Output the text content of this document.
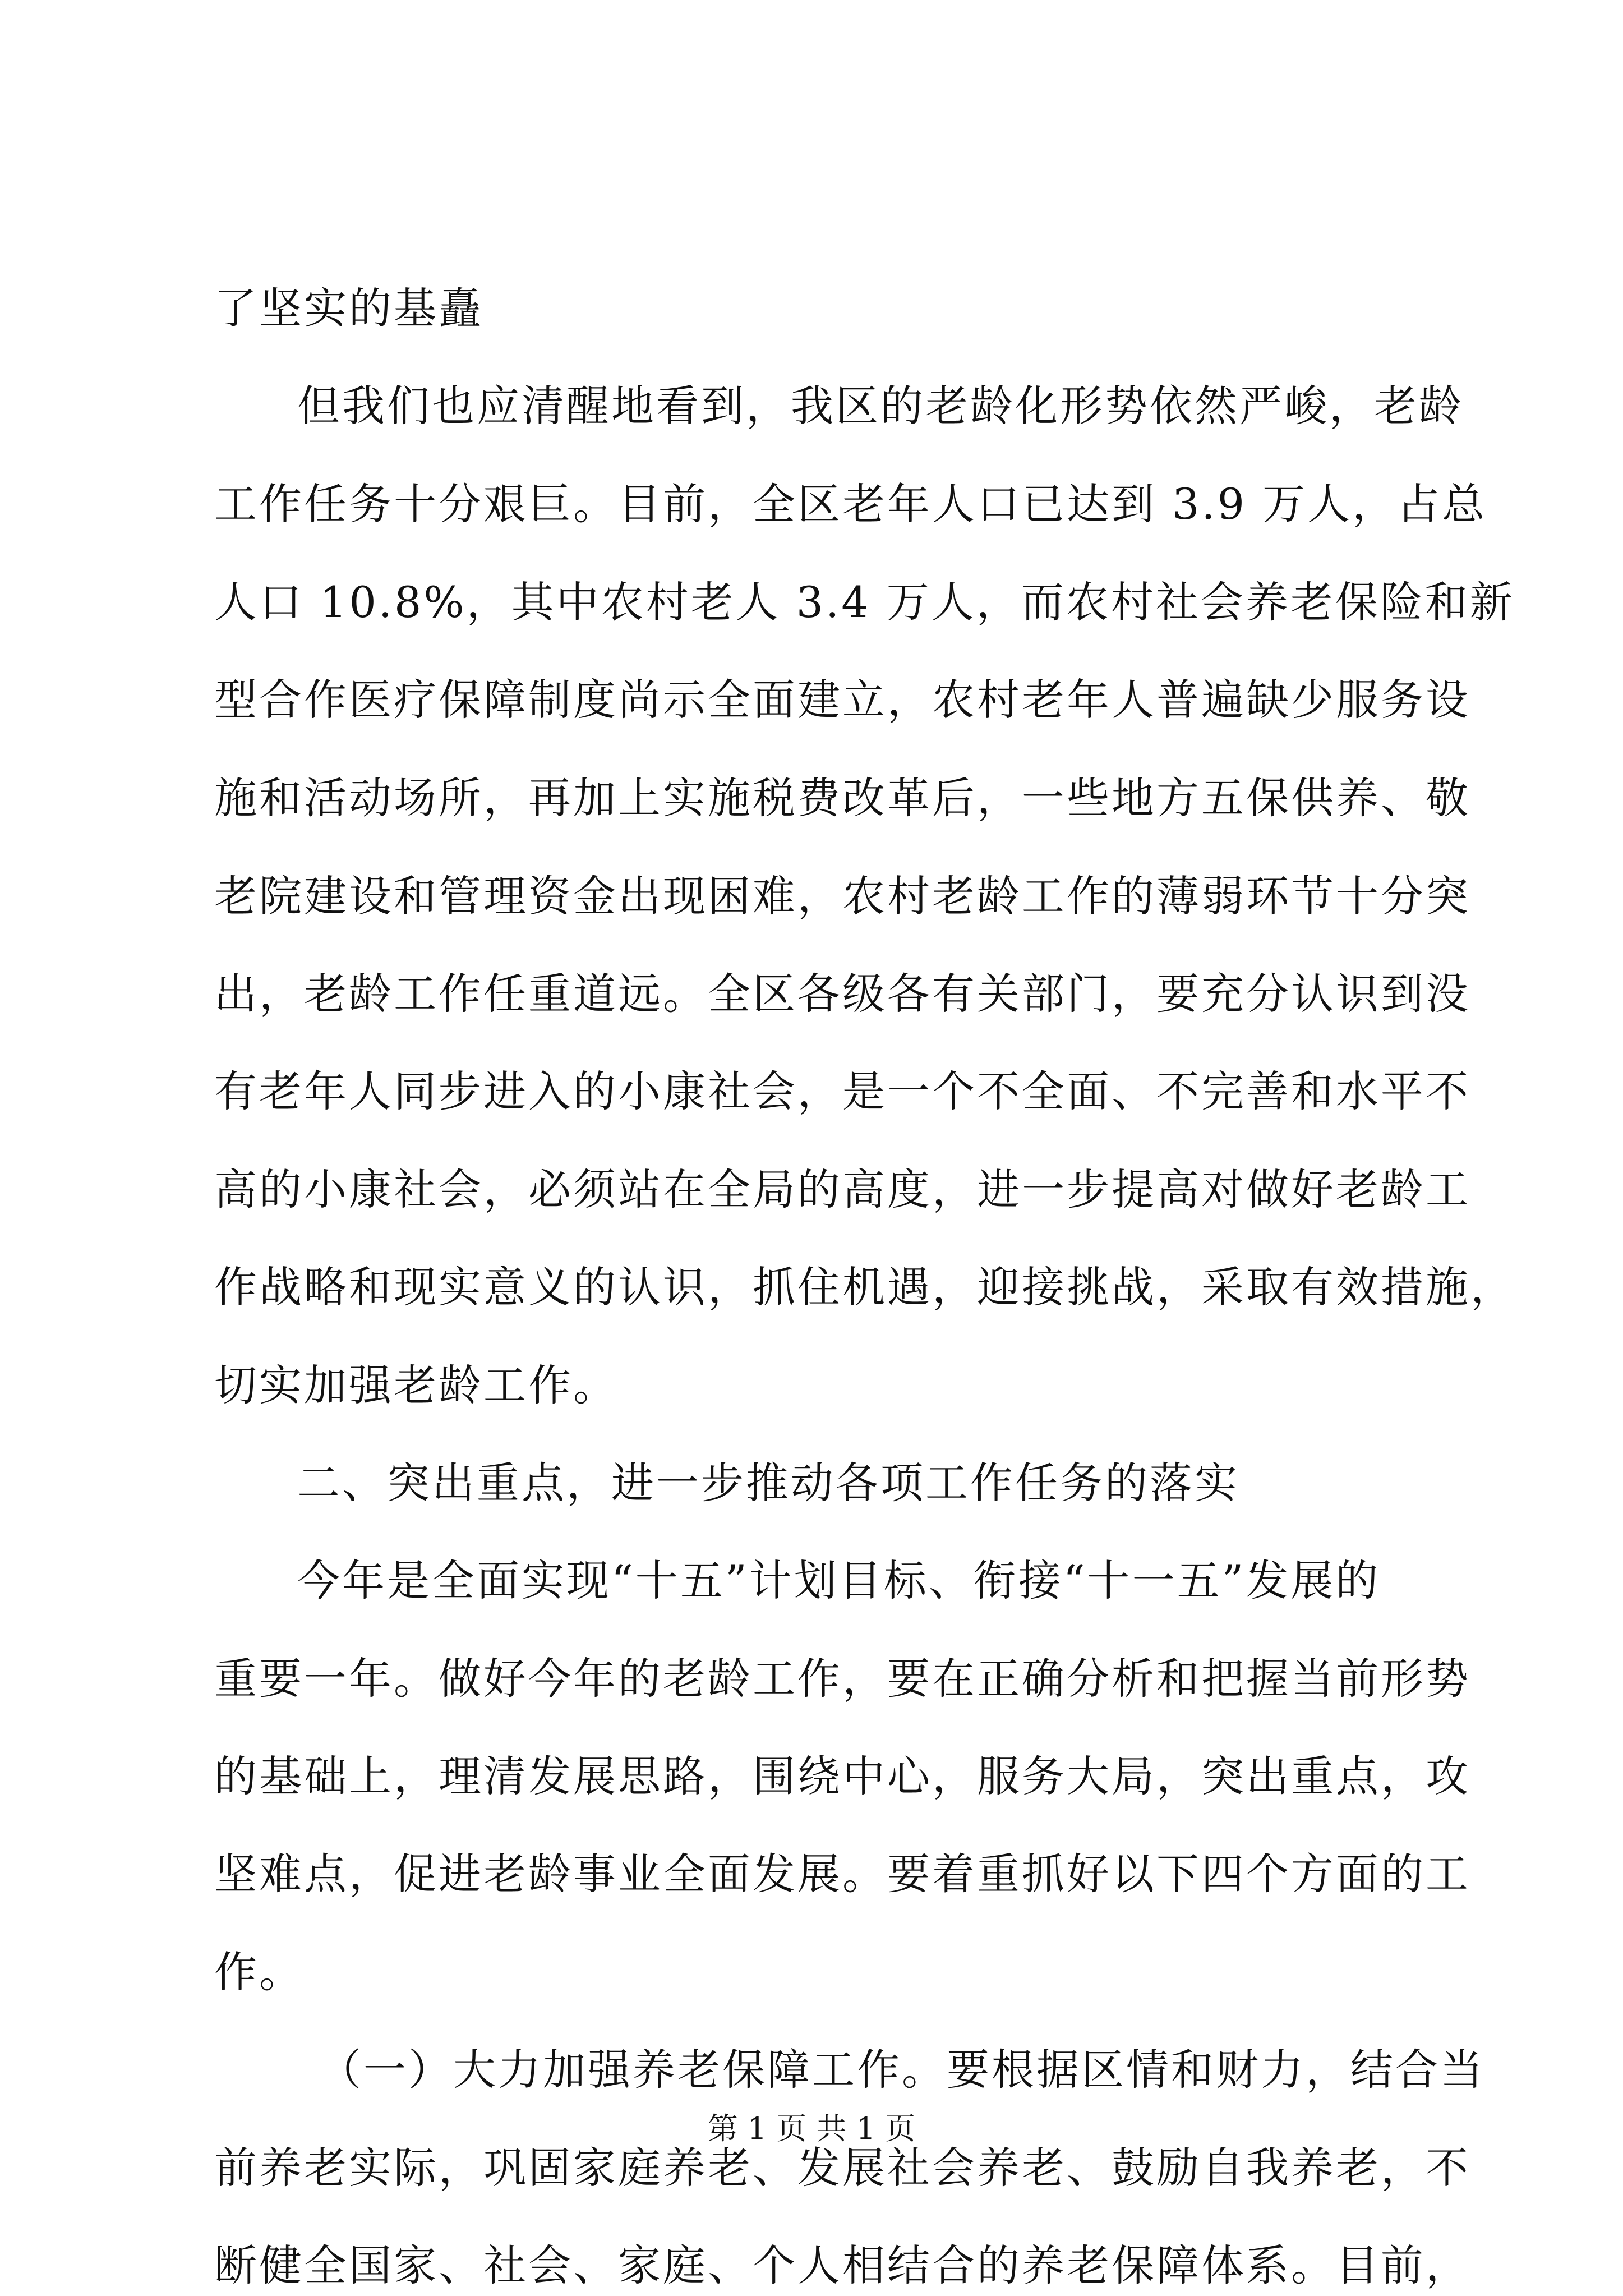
了坚实的基矗
但我们也应清醒地看到，我区的老龄化形势依然严峻，老龄
工作任务十分艰巨。目前，全区老年人口已达到 3.9 万人，占总
人口 10.8%，其中农村老人 3.4 万人，而农村社会养老保险和新
型合作医疗保障制度尚示全面建立，农村老年人普遍缺少服务设
施和活动场所，再加上实施税费改革后，一些地方五保供养、敬
老院建设和管理资金出现困难，农村老龄工作的薄弱环节十分突
出，老龄工作任重道远。全区各级各有关部门，要充分认识到没
有老年人同步进入的小康社会，是一个不全面、不完善和水平不
高的小康社会，必须站在全局的高度，进一步提高对做好老龄工
作战略和现实意义的认识，抓住机遇，迎接挑战，采取有效措施，
切实加强老龄工作。
二、突出重点，进一步推动各项工作任务的落实
今年是全面实现“十五”计划目标、衔接“十一五”发展的
重要一年。做好今年的老龄工作，要在正确分析和把握当前形势
的基础上，理清发展思路，围绕中心，服务大局，突出重点，攻
坚难点，促进老龄事业全面发展。要着重抓好以下四个方面的工
作。
（一）大力加强养老保障工作。要根据区情和财力，结合当
前养老实际，巩固家庭养老、发展社会养老、鼓励自我养老，不
断健全国家、社会、家庭、个人相结合的养老保障体系。目前，
第 1 页 共 1 页
